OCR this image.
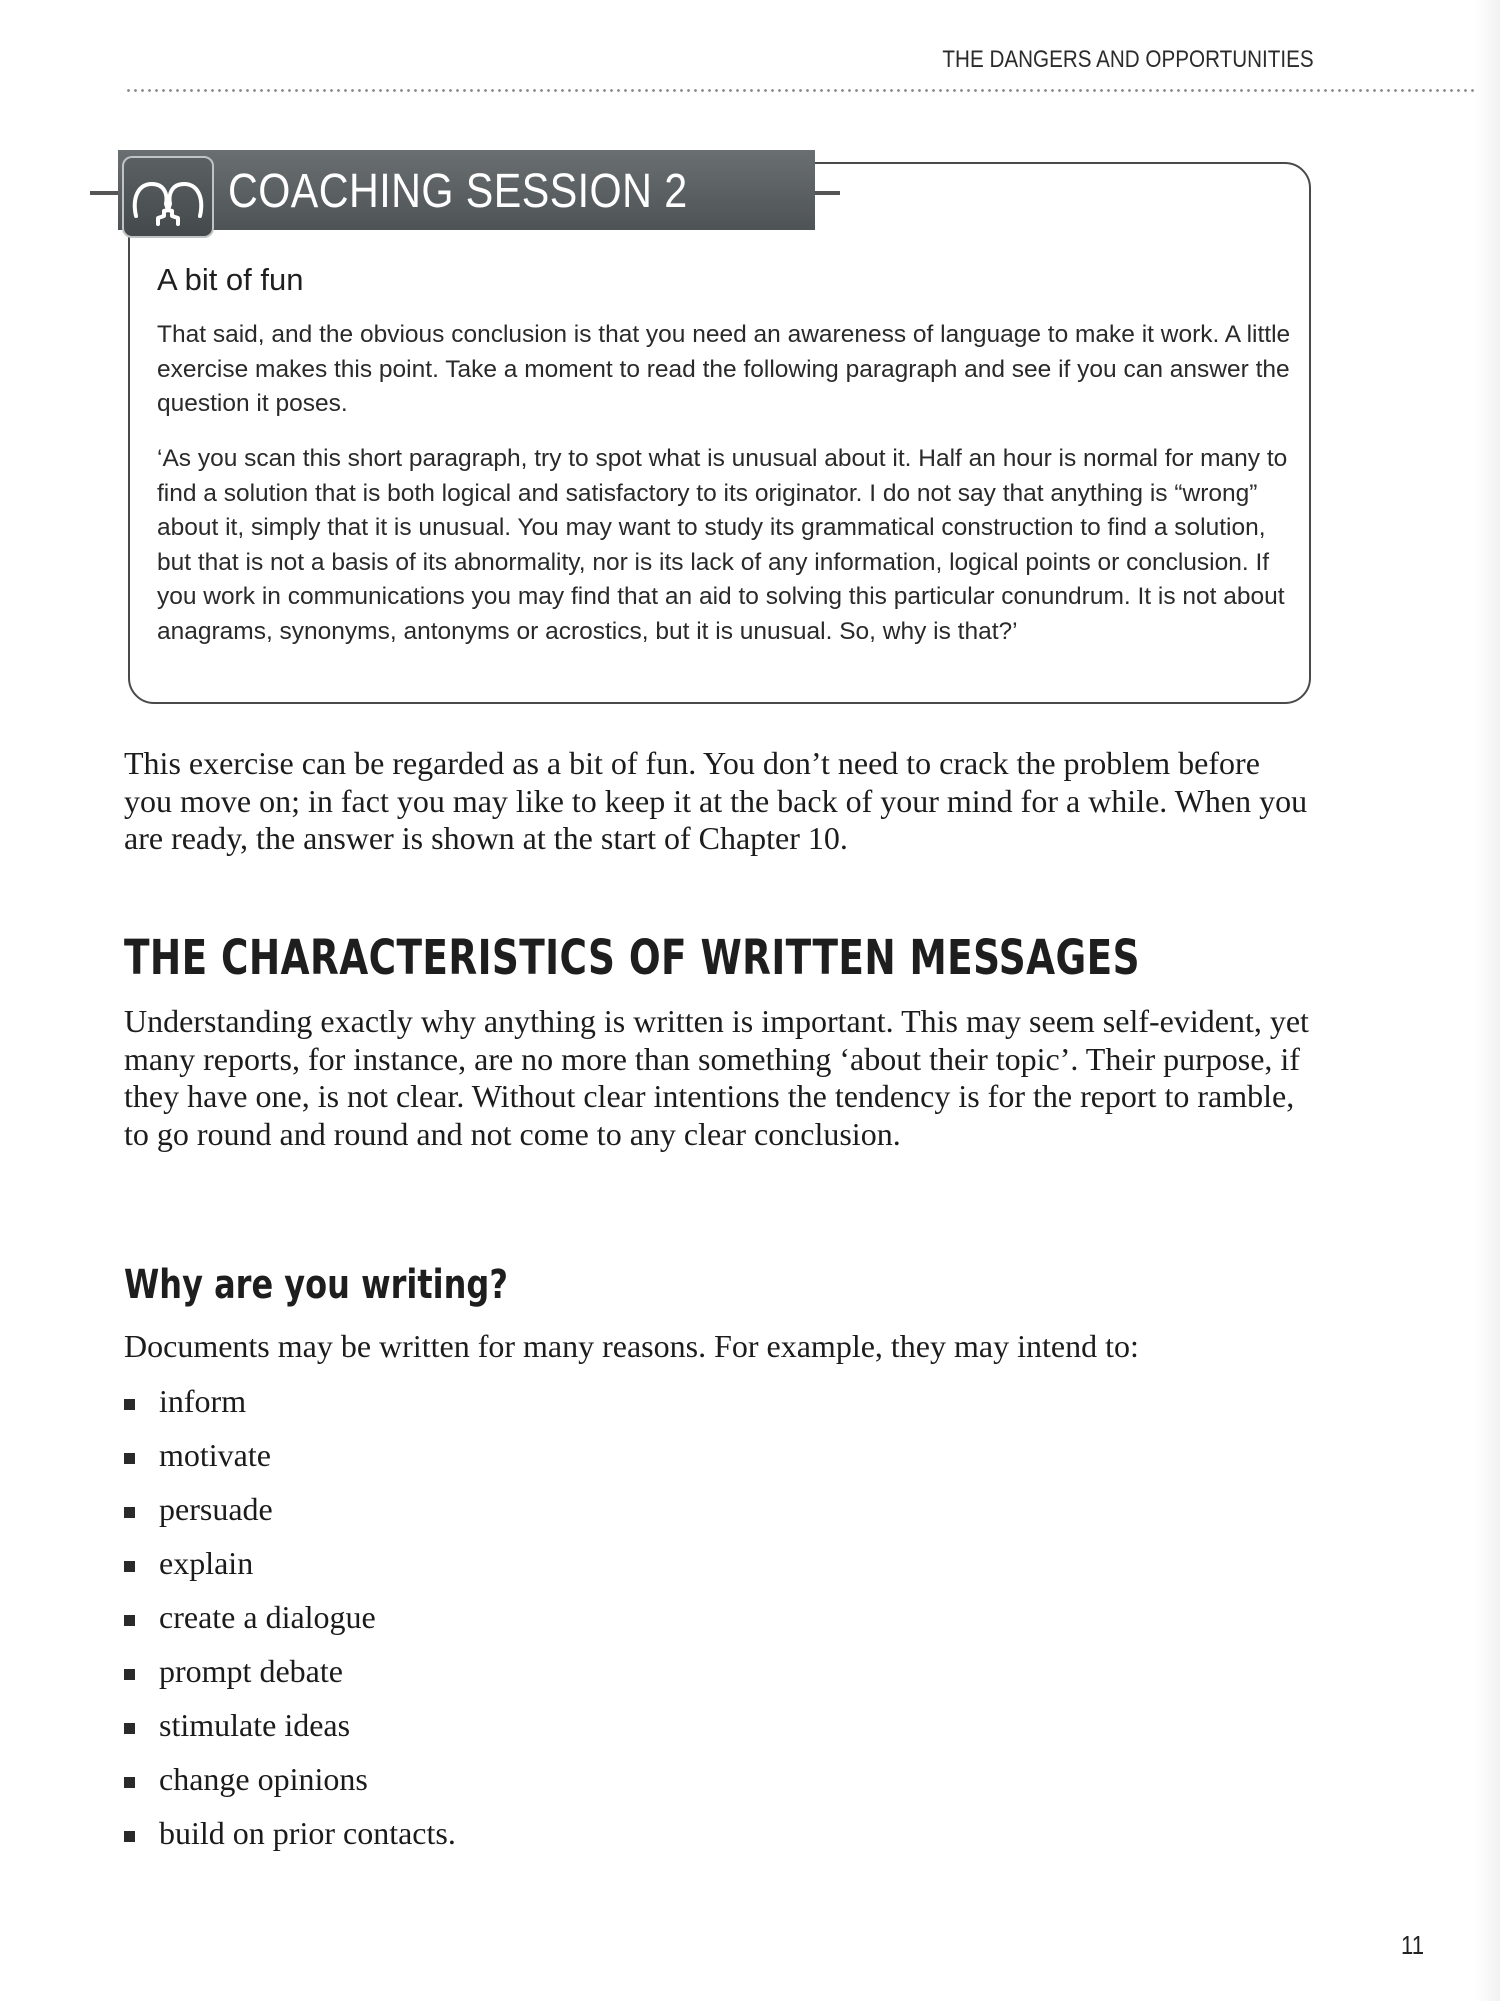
THE DANGERS AND OPPORTUNITIES
COACHING SESSION 2
A bit of fun

That said, and the obvious conclusion is that you need an awareness of language to make it work. A little exercise makes this point. Take a moment to read the following paragraph and see if you can answer the question it poses.

‘As you scan this short paragraph, try to spot what is unusual about it. Half an hour is normal for many to find a solution that is both logical and satisfactory to its originator. I do not say that anything is “wrong” about it, simply that it is unusual. You may want to study its grammatical construction to find a solution, but that is not a basis of its abnormality, nor is its lack of any information, logical points or conclusion. If you work in communications you may find that an aid to solving this particular conundrum. It is not about anagrams, synonyms, antonyms or acrostics, but it is unusual. So, why is that?’

This exercise can be regarded as a bit of fun. You don’t need to crack the problem before you move on; in fact you may like to keep it at the back of your mind for a while. When you are ready, the answer is shown at the start of Chapter 10.

THE CHARACTERISTICS OF WRITTEN MESSAGES

Understanding exactly why anything is written is important. This may seem self-evident, yet many reports, for instance, are no more than something ‘about their topic’. Their purpose, if they have one, is not clear. Without clear intentions the tendency is for the report to ramble, to go round and round and not come to any clear conclusion.

Why are you writing?

Documents may be written for many reasons. For example, they may intend to:

inform
motivate
persuade
explain
create a dialogue
prompt debate
stimulate ideas
change opinions
build on prior contacts.
11
